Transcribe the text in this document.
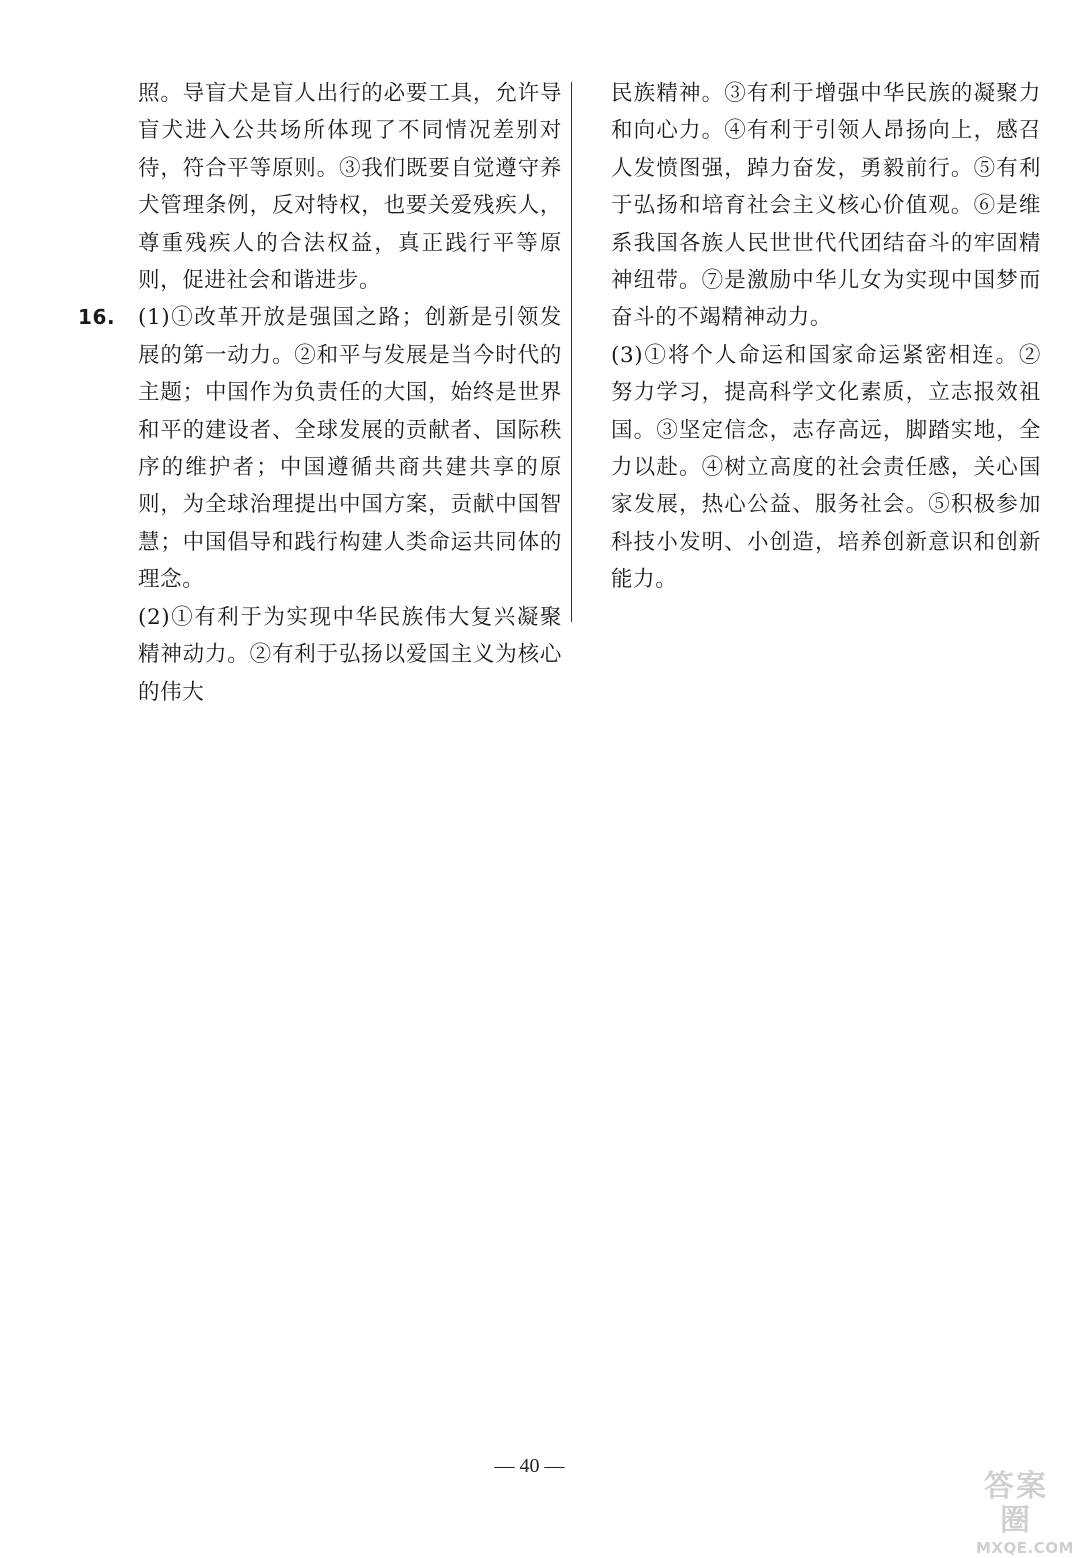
照。导盲犬是盲人出行的必要工具，允许导盲犬进入公共场所体现了不同情况差别对待，符合平等原则。③我们既要自觉遵守养犬管理条例，反对特权，也要关爱残疾人，尊重残疾人的合法权益，真正践行平等原则，促进社会和谐进步。

16.	(1)①改革开放是强国之路；创新是引领发展的第一动力。②和平与发展是当今时代的主题；中国作为负责任的大国，始终是世界和平的建设者、全球发展的贡献者、国际秩序的维护者；中国遵循共商共建共享的原则，为全球治理提出中国方案，贡献中国智慧；中国倡导和践行构建人类命运共同体的理念。

(2)①有利于为实现中华民族伟大复兴凝聚精神动力。②有利于弘扬以爱国主义为核心的伟大

民族精神。③有利于增强中华民族的凝聚力和向心力。④有利于引领人昂扬向上，感召人发愤图强，踔力奋发，勇毅前行。⑤有利于弘扬和培育社会主义核心价值观。⑥是维系我国各族人民世世代代团结奋斗的牢固精神纽带。⑦是激励中华儿女为实现中国梦而奋斗的不竭精神动力。

(3)①将个人命运和国家命运紧密相连。②努力学习，提高科学文化素质，立志报效祖国。③坚定信念，志存高远，脚踏实地，全力以赴。④树立高度的社会责任感，关心国家发展，热心公益、服务社会。⑤积极参加科技小发明、小创造，培养创新意识和创新能力。

— 40 —
答案圈
MXQE.COM
